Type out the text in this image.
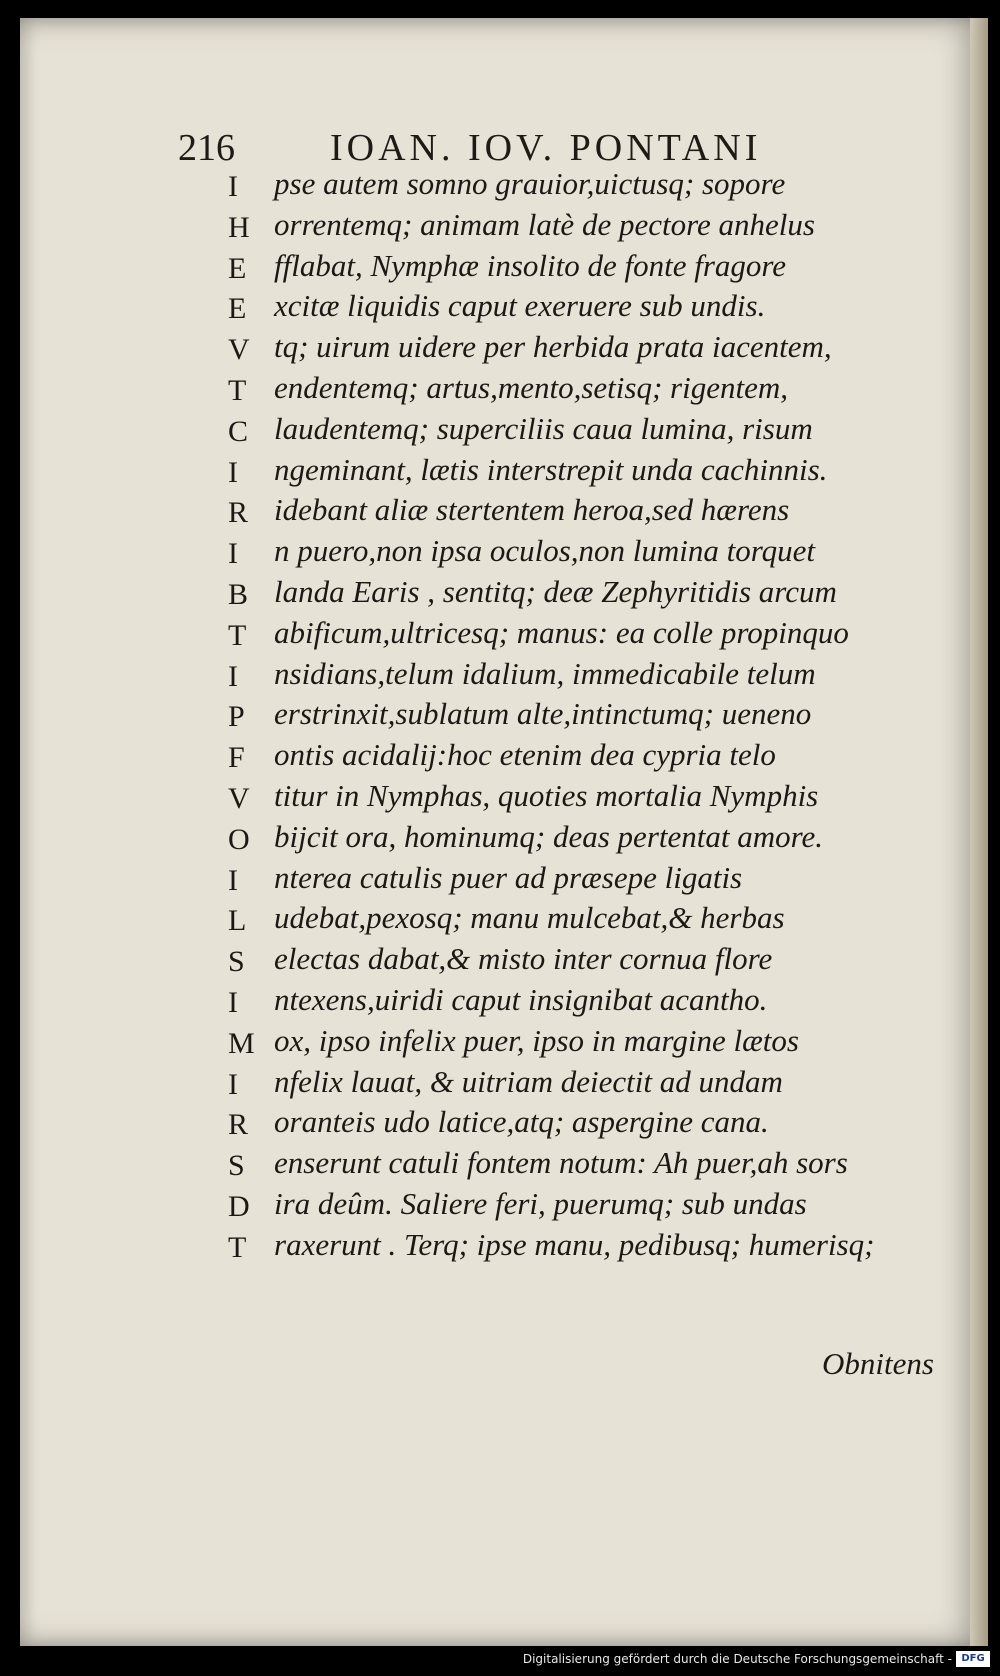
216	IOAN. IOV. PONTANI
I pse autem somno grauior,uictusq; sopore
H orrentemq; animam latè de pectore anhelus
E fflabat, Nymphæ insolito de fonte fragore
E xcitæ liquidis caput exeruere sub undis.
V tq; uirum uidere per herbida prata iacentem,
T endentemq; artus,mento,setisq; rigentem,
C laudentemq; superciliis caua lumina, risum
I ngeminant, lætis interstrepit unda cachinnis.
R idebant aliæ stertentem heroa,sed hærens
I n puero,non ipsa oculos,non lumina torquet
B landa Earis , sentitq; deæ Zephyritidis arcum
T abificum,ultricesq; manus: ea colle propinquo
I nsidians,telum idalium, immedicabile telum
P erstrinxit,sublatum alte,intinctumq; ueneno
F ontis acidalij:hoc etenim dea cypria telo
V titur in Nymphas, quoties mortalia Nymphis
O bijcit ora, hominumq; deas pertentat amore.
I nterea catulis puer ad præsepe ligatis
L udebat,pexosq; manu mulcebat,& herbas
S electas dabat,& misto inter cornua flore
I ntexens,uiridi caput insignibat acantho.
M ox, ipso infelix puer, ipso in margine lætos
I nfelix lauat, & uitriam deiectit ad undam
R oranteis udo latice,atq; aspergine cana.
S enserunt catuli fontem notum: Ah puer,ah sors
D ira deûm. Saliere feri, puerumq; sub undas
T raxerunt . Terq; ipse manu, pedibusq; humerisq;
Obnitens
Digitalisierung gefördert durch die Deutsche Forschungsgemeinschaft - DFG
